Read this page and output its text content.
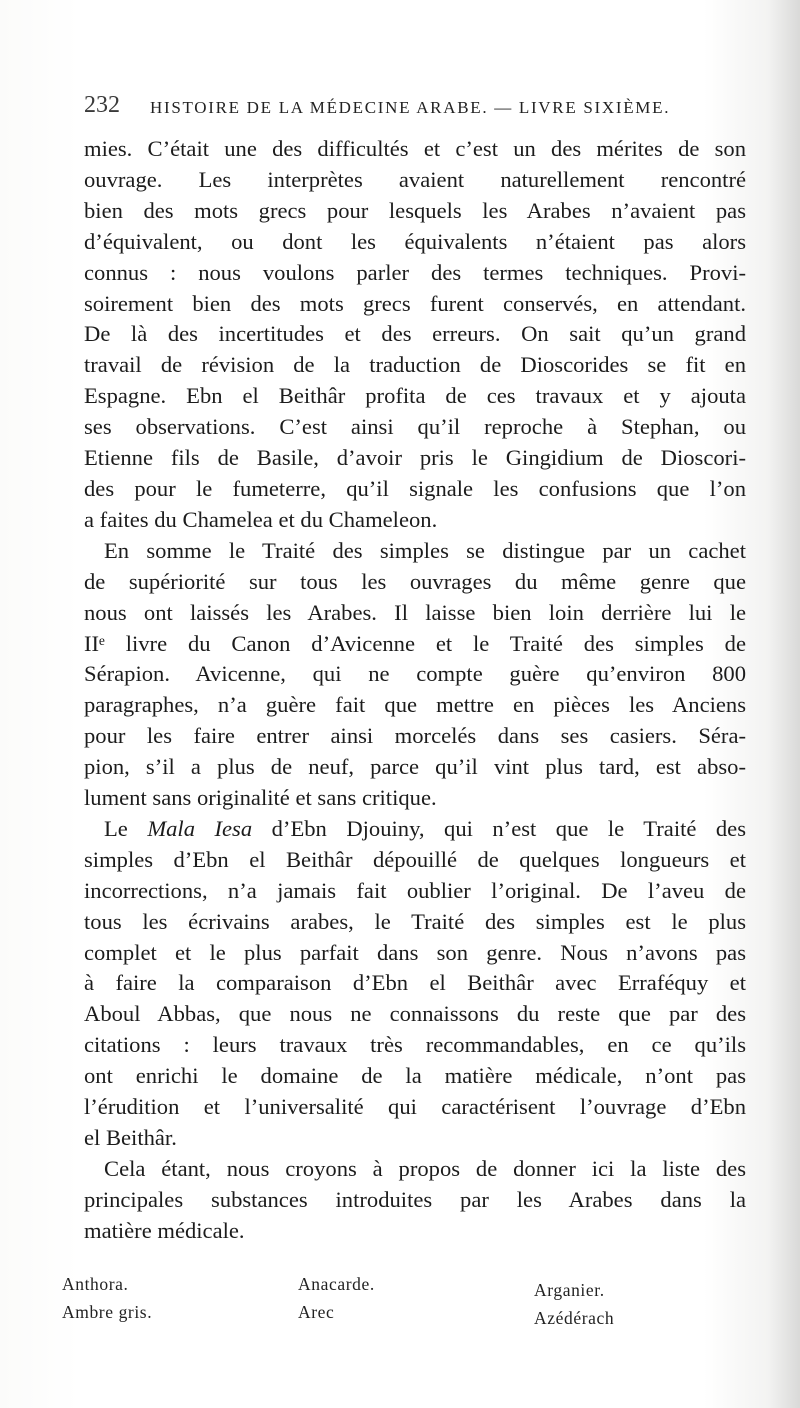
232 HISTOIRE DE LA MÉDECINE ARABE. — LIVRE SIXIÈME.

mies. C’était une des difficultés et c’est un des mérites de son
ouvrage. Les interprètes avaient naturellement rencontré
bien des mots grecs pour lesquels les Arabes n’avaient pas
d’équivalent, ou dont les équivalents n’étaient pas alors
connus : nous voulons parler des termes techniques. Provi-
soirement bien des mots grecs furent conservés, en attendant.
De là des incertitudes et des erreurs. On sait qu’un grand
travail de révision de la traduction de Dioscorides se fit en
Espagne. Ebn el Beithâr profita de ces travaux et y ajouta
ses observations. C’est ainsi qu’il reproche à Stephan, ou
Etienne fils de Basile, d’avoir pris le Gingidium de Dioscori-
des pour le fumeterre, qu’il signale les confusions que l’on
a faites du Chamelea et du Chameleon.

En somme le Traité des simples se distingue par un cachet
de supériorité sur tous les ouvrages du même genre que
nous ont laissés les Arabes. Il laisse bien loin derrière lui le
IIᵉ livre du Canon d’Avicenne et le Traité des simples de
Sérapion. Avicenne, qui ne compte guère qu’environ 800
paragraphes, n’a guère fait que mettre en pièces les Anciens
pour les faire entrer ainsi morcelés dans ses casiers. Séra-
pion, s’il a plus de neuf, parce qu’il vint plus tard, est abso-
lument sans originalité et sans critique.

Le Mala Iesa d’Ebn Djouiny, qui n’est que le Traité des
simples d’Ebn el Beithâr dépouillé de quelques longueurs et
incorrections, n’a jamais fait oublier l’original. De l’aveu de
tous les écrivains arabes, le Traité des simples est le plus
complet et le plus parfait dans son genre. Nous n’avons pas
à faire la comparaison d’Ebn el Beithâr avec Erraféquy et
Aboul Abbas, que nous ne connaissons du reste que par des
citations : leurs travaux très recommandables, en ce qu’ils
ont enrichi le domaine de la matière médicale, n’ont pas
l’érudition et l’universalité qui caractérisent l’ouvrage d’Ebn
el Beithâr.

Cela étant, nous croyons à propos de donner ici la liste des
principales substances introduites par les Arabes dans la
matière médicale.

Anthora.
Ambre gris.
Anacarde.
Arec
Arganier.
Azédérach
